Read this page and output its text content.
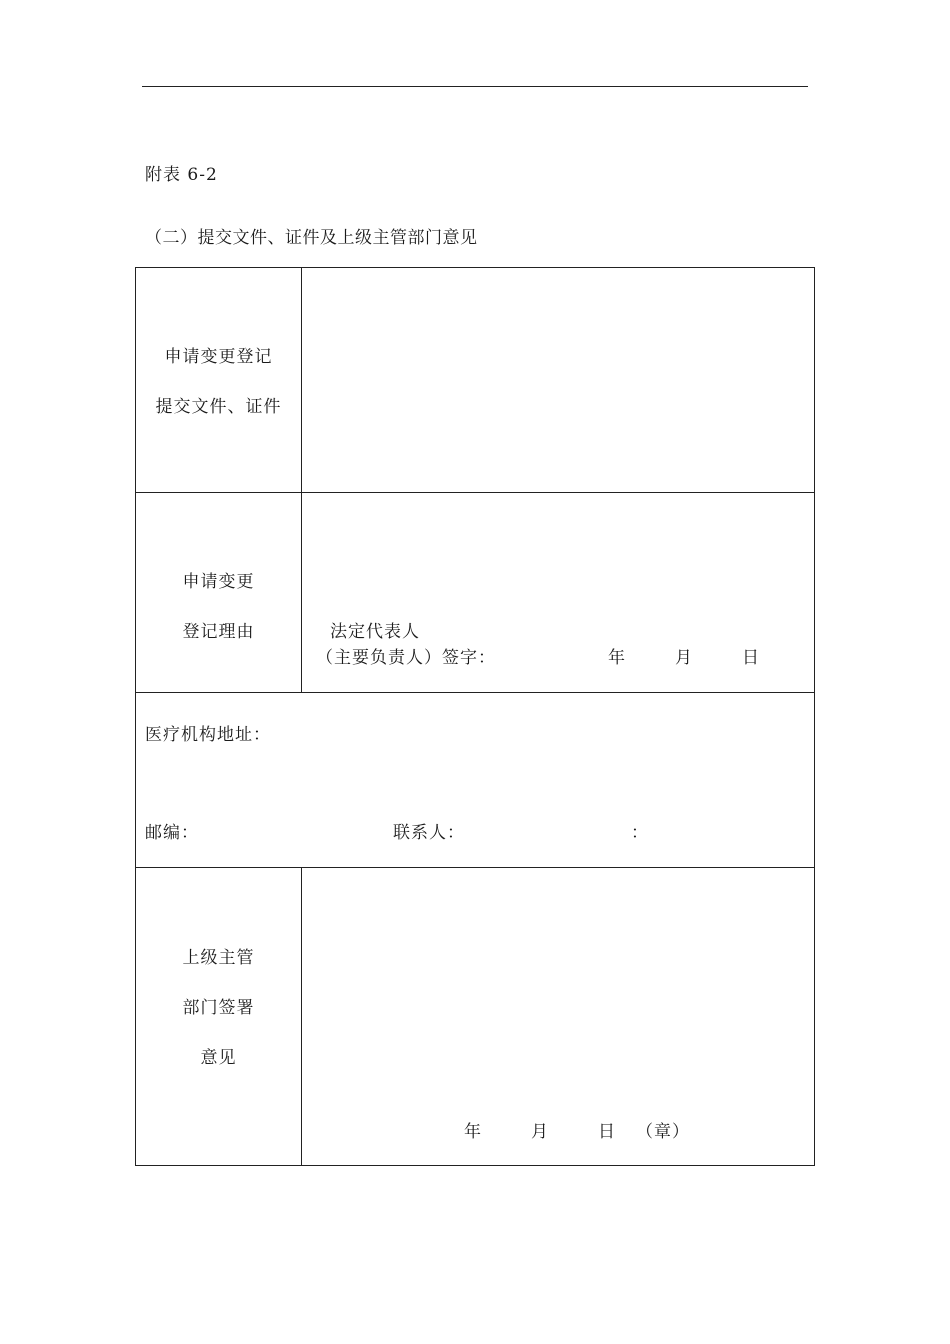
附表 6-2
（二）提交文件、证件及上级主管部门意见
申请变更登记
提交文件、证件
申请变更
登记理由	法定代表人
（主要负责人）签字：	年	月	日
医疗机构地址：
邮编：	联系人：	：
上级主管
部门签署
意见
年	月	日 （章）
